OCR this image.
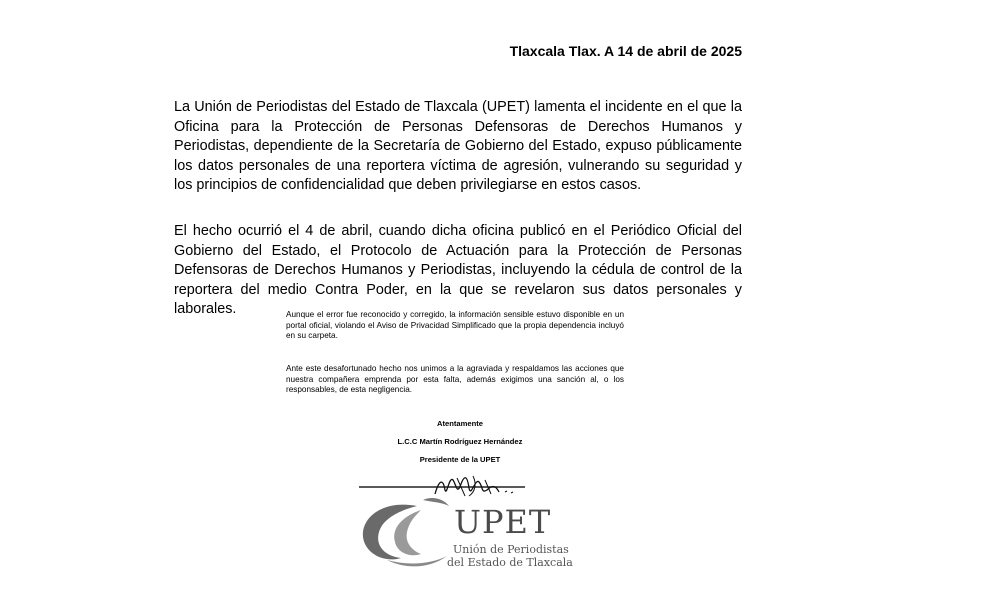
Tlaxcala Tlax. A 14 de abril de 2025

La Unión de Periodistas del Estado de Tlaxcala (UPET) lamenta el incidente en el que la Oficina para la Protección de Personas Defensoras de Derechos Humanos y Periodistas, dependiente de la Secretaría de Gobierno del Estado, expuso públicamente los datos personales de una reportera víctima de agresión, vulnerando su seguridad y los principios de confidencialidad que deben privilegiarse en estos casos.

El hecho ocurrió el 4 de abril, cuando dicha oficina publicó en el Periódico Oficial del Gobierno del Estado, el Protocolo de Actuación para la Protección de Personas Defensoras de Derechos Humanos y Periodistas, incluyendo la cédula de control de la reportera del medio Contra Poder, en la que se revelaron sus datos personales y laborales.	Aunque el error fue reconocido y corregido, la información sensible estuvo disponible en un portal oficial, violando el Aviso de Privacidad Simplificado que la propia dependencia incluyó en su carpeta.

Ante este desafortunado hecho nos unimos a la agraviada y respaldamos las acciones que nuestra compañera emprenda por esta falta, además exigimos una sanción al, o los responsables, de esta negligencia.

Atentamente
L.C.C Martín Rodríguez Hernández
Presidente de la UPET
UPET
Unión de Periodistas
del Estado de Tlaxcala
